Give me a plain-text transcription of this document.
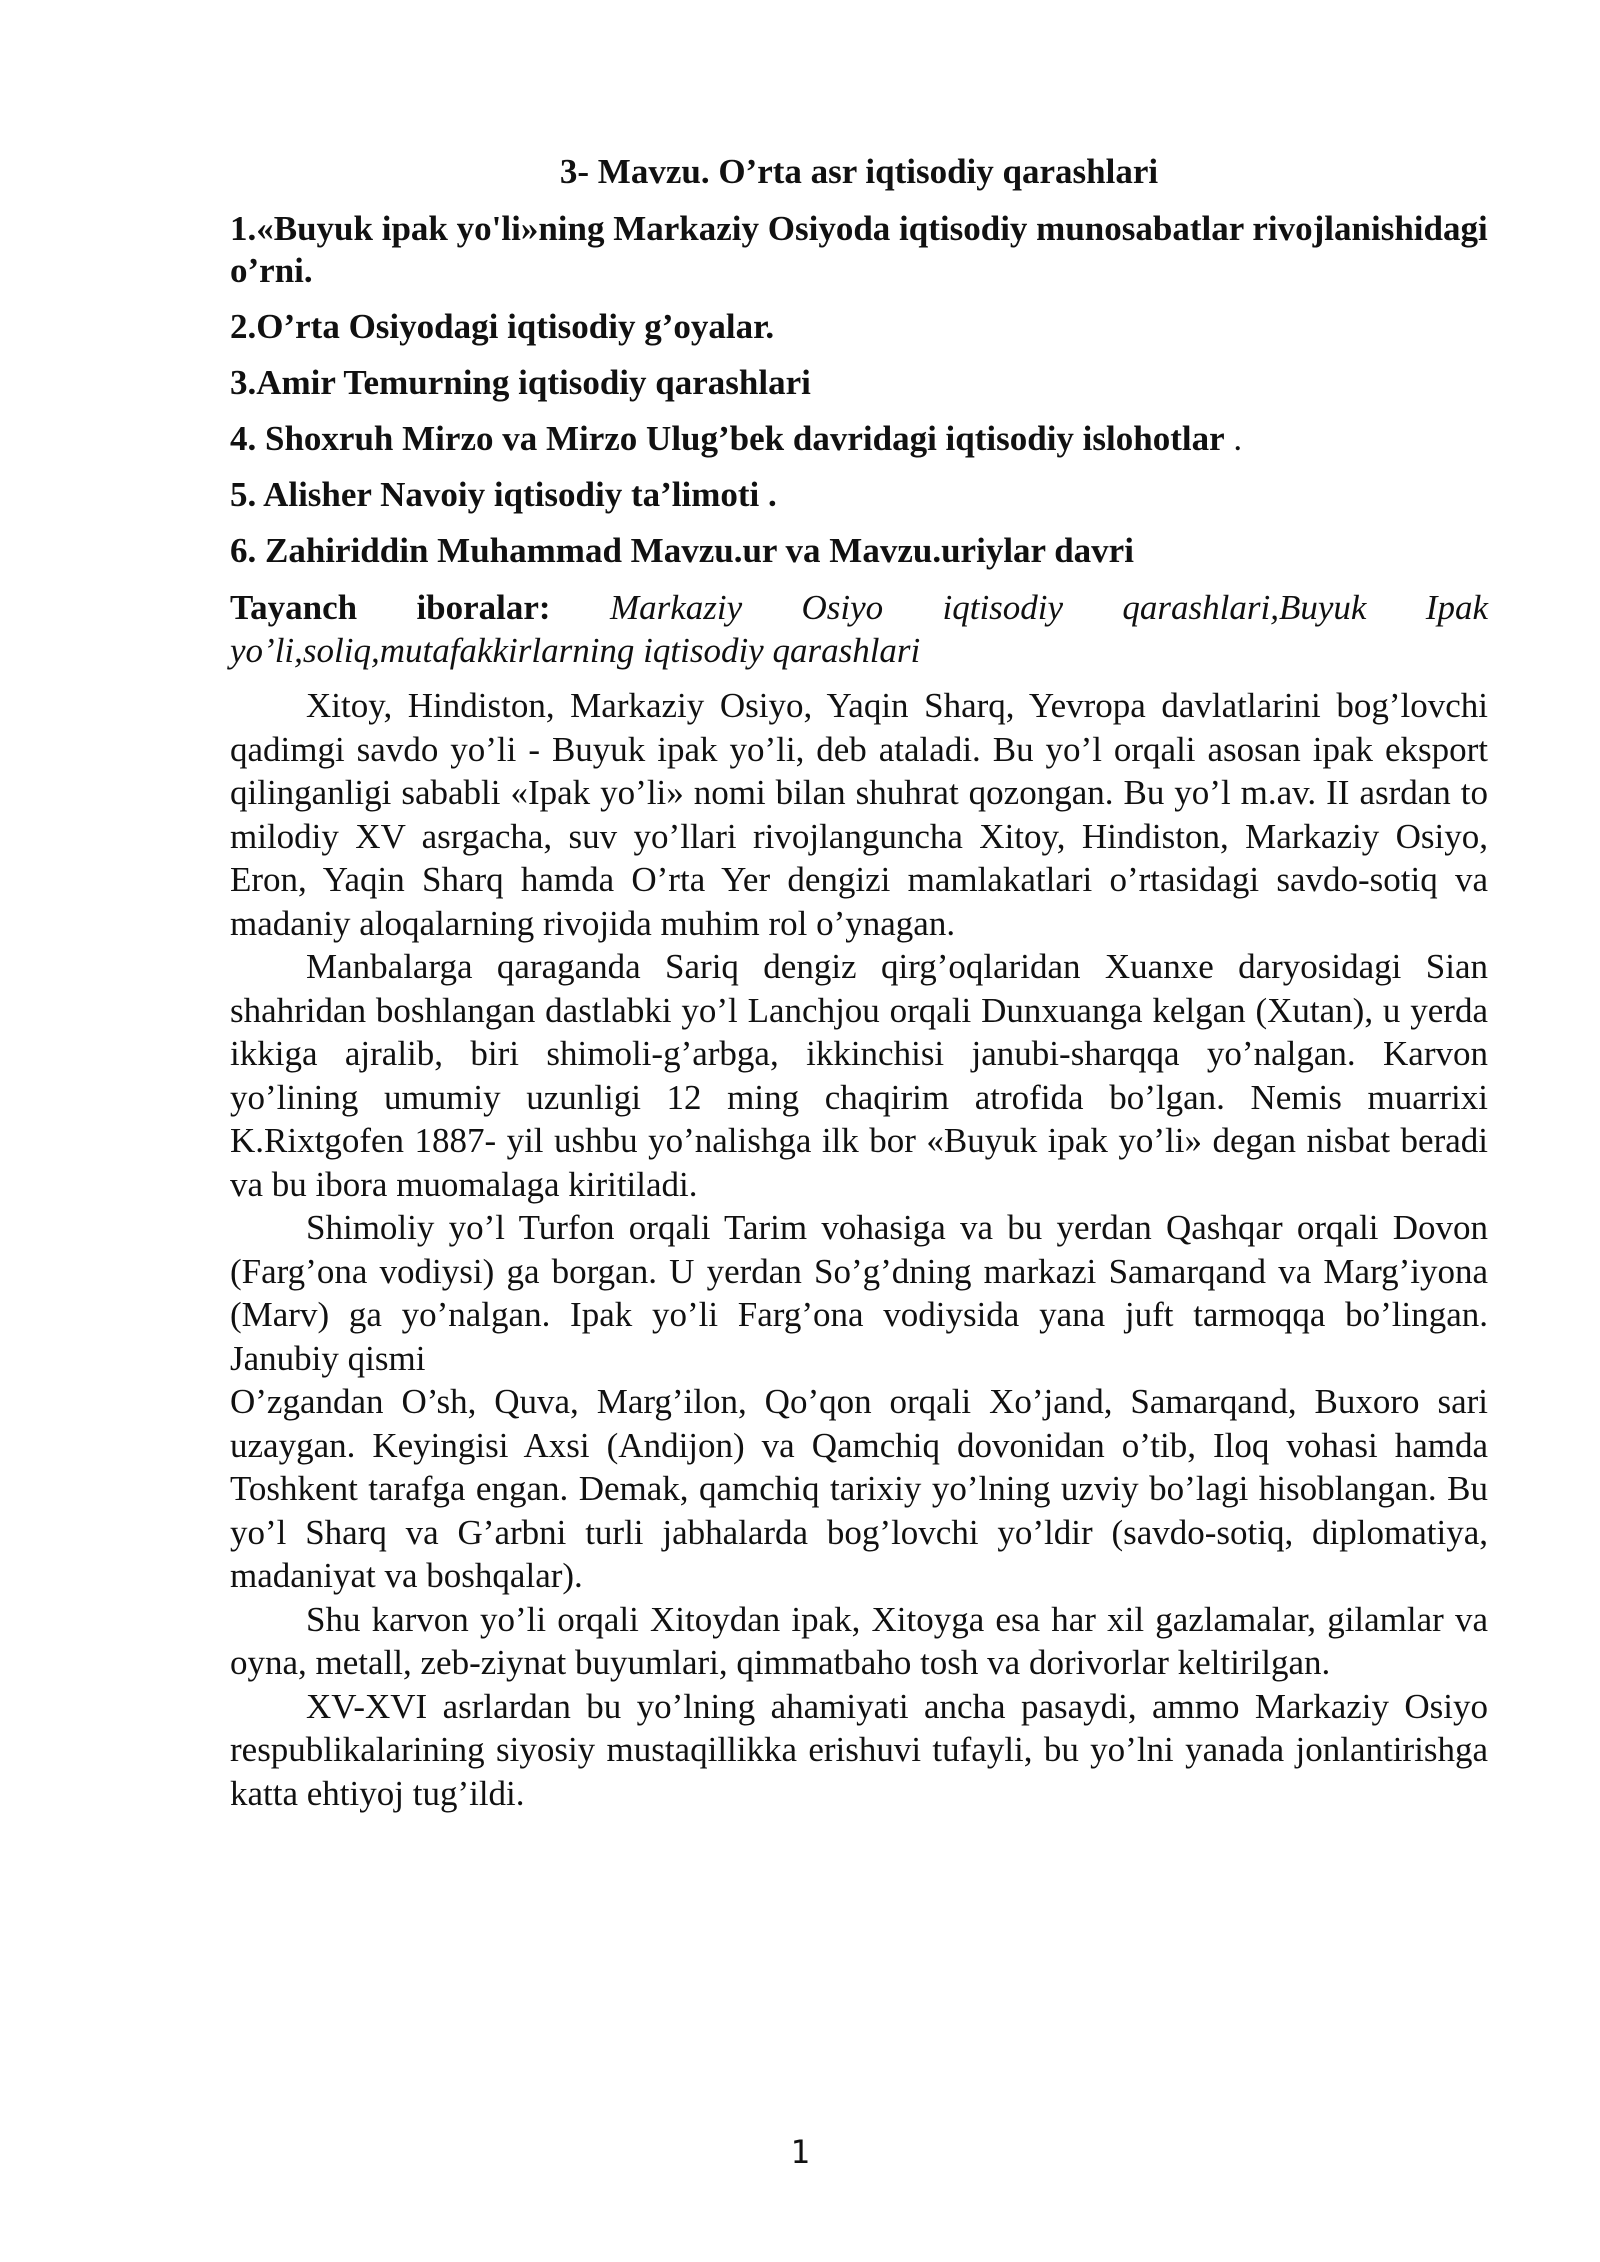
3- Mavzu. O’rta asr iqtisodiy qarashlari
1.«Buyuk ipak yo'li»ning Markaziy Osiyoda iqtisodiy munosabatlar rivojlanishidagi o’rni.
2.O’rta Osiyodagi iqtisodiy g’oyalar.
3.Amir Temurning iqtisodiy qarashlari
4. Shoxruh Mirzo va Mirzo Ulug’bek davridagi iqtisodiy islohotlar .
5. Alisher Navoiy iqtisodiy ta’limoti .
6. Zahiriddin Muhammad Mavzu.ur va Mavzu.uriylar davri

Tayanch iboralar: Markaziy Osiyo iqtisodiy qarashlari,Buyuk Ipak yo’li,soliq,mutafakkirlarning iqtisodiy qarashlari

Xitoy, Hindiston, Markaziy Osiyo, Yaqin Sharq, Yevropa davlatlarini bog’lovchi qadimgi savdo yo’li - Buyuk ipak yo’li, deb ataladi. Bu yo’l orqali asosan ipak eksport qilinganligi sababli «Ipak yo’li» nomi bilan shuhrat qozongan. Bu yo’l m.av. II asrdan to milodiy XV asrgacha, suv yo’llari rivojlanguncha Xitoy, Hindiston, Markaziy Osiyo, Eron, Yaqin Sharq hamda O’rta Yer dengizi mamlakatlari o’rtasidagi savdo-sotiq va madaniy aloqalarning rivojida muhim rol o’ynagan.

Manbalarga qaraganda Sariq dengiz qirg’oqlaridan Xuanxe daryosidagi Sian shahridan boshlangan dastlabki yo’l Lanchjou orqali Dunxuanga kelgan (Xutan), u yerda ikkiga ajralib, biri shimoli-g’arbga, ikkinchisi janubi-sharqqa yo’nalgan. Karvon yo’lining umumiy uzunligi 12 ming chaqirim atrofida bo’lgan. Nemis muarrixi K.Rixtgofen 1887- yil ushbu yo’nalishga ilk bor «Buyuk ipak yo’li» degan nisbat beradi va bu ibora muomalaga kiritiladi.

Shimoliy yo’l Turfon orqali Tarim vohasiga va bu yerdan Qashqar orqali Dovon (Farg’ona vodiysi) ga borgan. U yerdan So’g’dning markazi Samarqand va Marg’iyona (Marv) ga yo’nalgan. Ipak yo’li Farg’ona vodiysida yana juft tarmoqqa bo’lingan. Janubiy qismi

O’zgandan O’sh, Quva, Marg’ilon, Qo’qon orqali Xo’jand, Samarqand, Buxoro sari uzaygan. Keyingisi Axsi (Andijon) va Qamchiq dovonidan o’tib, Iloq vohasi hamda Toshkent tarafga engan. Demak, qamchiq tarixiy yo’lning uzviy bo’lagi hisoblangan. Bu yo’l Sharq va G’arbni turli jabhalarda bog’lovchi yo’ldir (savdo-sotiq, diplomatiya, madaniyat va boshqalar).

Shu karvon yo’li orqali Xitoydan ipak, Xitoyga esa har xil gazlamalar, gilamlar va oyna, metall, zeb-ziynat buyumlari, qimmatbaho tosh va dorivorlar keltirilgan.

XV-XVI asrlardan bu yo’lning ahamiyati ancha pasaydi, ammo Markaziy Osiyo respublikalarining siyosiy mustaqillikka erishuvi tufayli, bu yo’lni yanada jonlantirishga katta ehtiyoj tug’ildi.

1
